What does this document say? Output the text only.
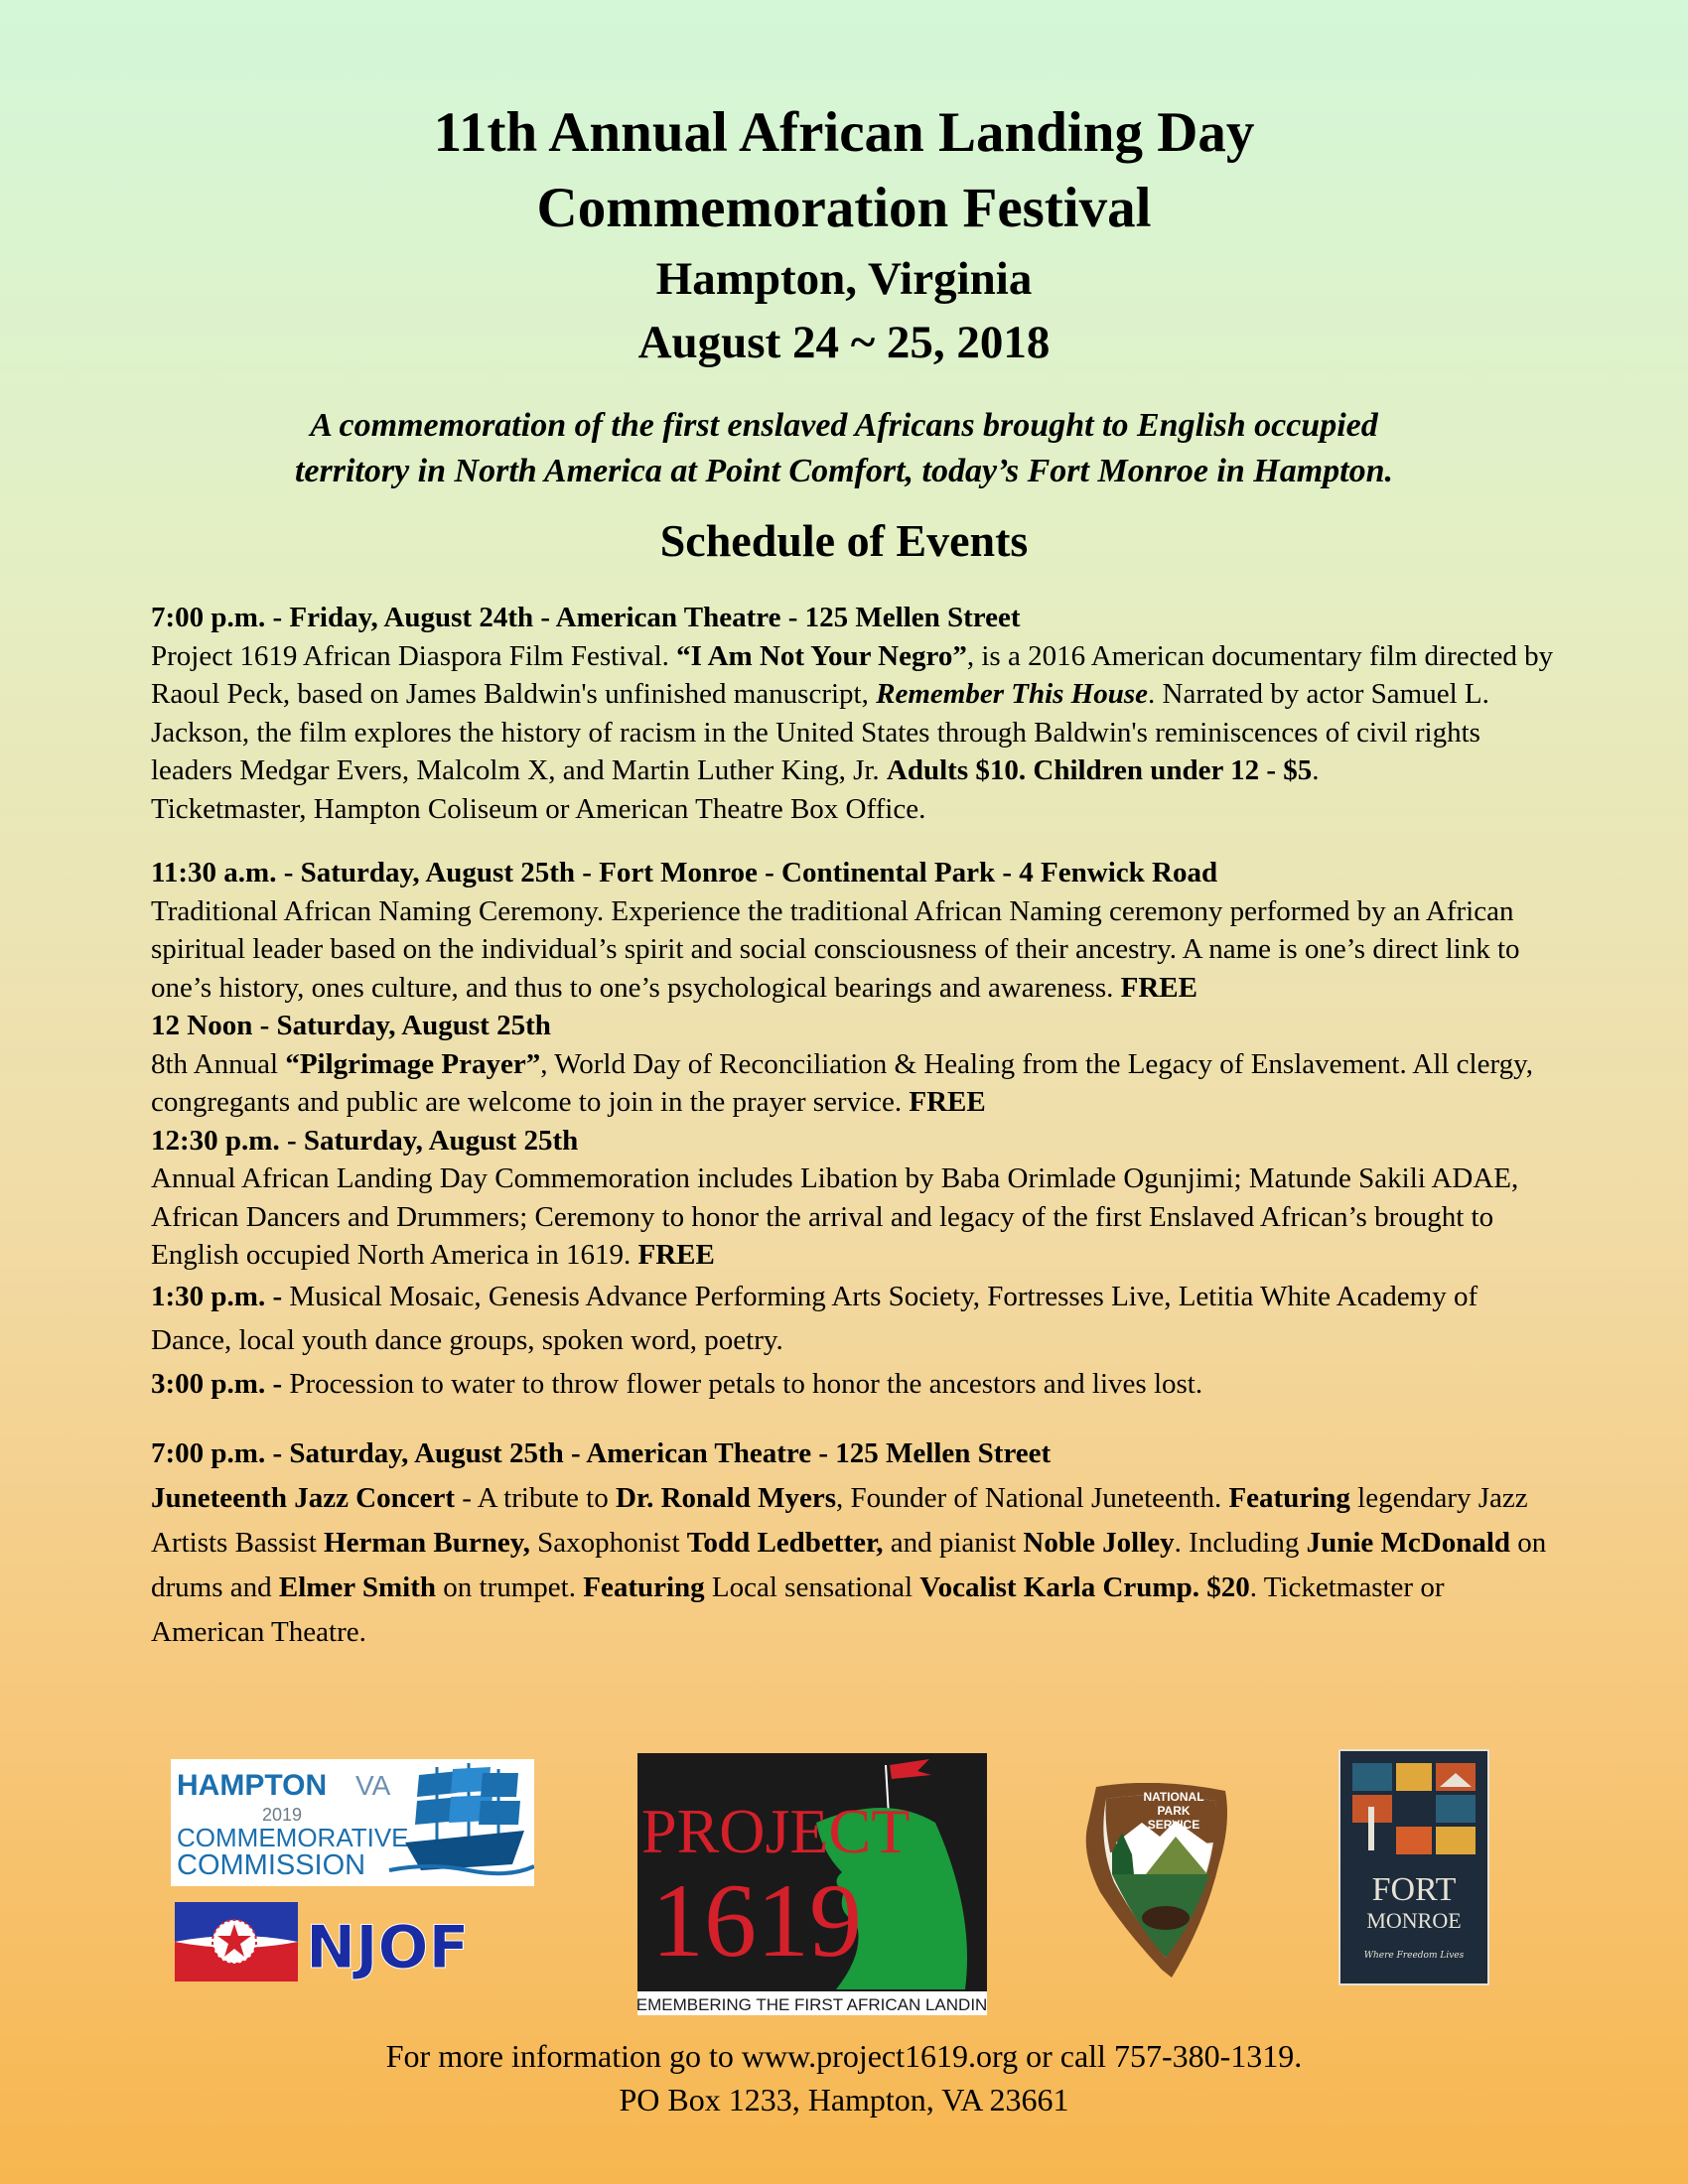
11th Annual African Landing Day
Commemoration Festival
Hampton, Virginia
August 24 ~ 25, 2018
A commemoration of the first enslaved Africans brought to English occupied
territory in North America at Point Comfort, today’s Fort Monroe in Hampton.
Schedule of Events

7:00 p.m. - Friday, August 24th - American Theatre - 125 Mellen Street

Project 1619 African Diaspora Film Festival. “I Am Not Your Negro”, is a 2016 American documentary film directed by Raoul Peck, based on James Baldwin's unfinished manuscript, Remember This House. Narrated by actor Samuel L. Jackson, the film explores the history of racism in the United States through Baldwin's reminiscences of civil rights leaders Medgar Evers, Malcolm X, and Martin Luther King, Jr. Adults $10. Children under 12 - $5.

Ticketmaster, Hampton Coliseum or American Theatre Box Office.

11:30 a.m. - Saturday, August 25th - Fort Monroe - Continental Park - 4 Fenwick Road

Traditional African Naming Ceremony. Experience the traditional African Naming ceremony performed by an African spiritual leader based on the individual’s spirit and social consciousness of their ancestry. A name is one’s direct link to one’s history, ones culture, and thus to one’s psychological bearings and awareness. FREE

12 Noon - Saturday, August 25th

8th Annual “Pilgrimage Prayer”, World Day of Reconciliation & Healing from the Legacy of Enslavement. All clergy, congregants and public are welcome to join in the prayer service. FREE

12:30 p.m. - Saturday, August 25th

Annual African Landing Day Commemoration includes Libation by Baba Orimlade Ogunjimi; Matunde Sakili ADAE, African Dancers and Drummers; Ceremony to honor the arrival and legacy of the first Enslaved African’s brought to English occupied North America in 1619. FREE

1:30 p.m. - Musical Mosaic, Genesis Advance Performing Arts Society, Fortresses Live, Letitia White Academy of Dance, local youth dance groups, spoken word, poetry.

3:00 p.m. - Procession to water to throw flower petals to honor the ancestors and lives lost.

7:00 p.m. - Saturday, August 25th - American Theatre - 125 Mellen Street

Juneteenth Jazz Concert - A tribute to Dr. Ronald Myers, Founder of National Juneteenth. Featuring legendary Jazz Artists Bassist Herman Burney, Saxophonist Todd Ledbetter, and pianist Noble Jolley. Including Junie McDonald on drums and Elmer Smith on trumpet. Featuring Local sensational Vocalist Karla Crump. $20. Ticketmaster or American Theatre.

HAMPTON VA
2019
COMMEMORATIVE
COMMISSION
NJOF
PROJECT
1619
REMEMBERING THE FIRST AFRICAN LANDING
NATIONAL
PARK
SERVICE
FORT
MONROE
Where Freedom Lives
For more information go to www.project1619.org or call 757-380-1319.
PO Box 1233, Hampton, VA 23661
